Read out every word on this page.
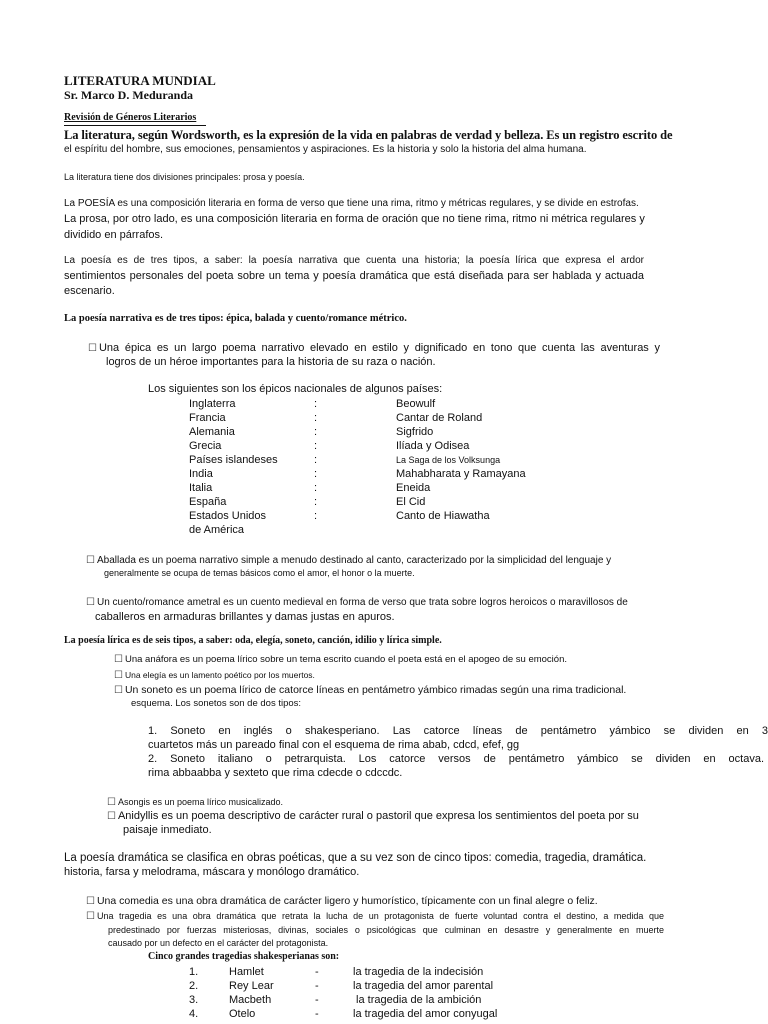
LITERATURA MUNDIAL
Sr. Marco D. Meduranda
Revisión de Géneros Literarios
La literatura, según Wordsworth, es la expresión de la vida en palabras de verdad y belleza. Es un registro escrito de
el espíritu del hombre, sus emociones, pensamientos y aspiraciones. Es la historia y solo la historia del alma humana.
La literatura tiene dos divisiones principales: prosa y poesía.
La POESÍA es una composición literaria en forma de verso que tiene una rima, ritmo y métricas regulares, y se divide en estrofas.
La prosa, por otro lado, es una composición literaria en forma de oración que no tiene rima, ritmo ni métrica regulares y
dividido en párrafos.
La poesía es de tres tipos, a saber: la poesía narrativa que cuenta una historia; la poesía lírica que expresa el ardor
sentimientos personales del poeta sobre un tema y poesía dramática que está diseñada para ser hablada y actuada
escenario.
La poesía narrativa es de tres tipos: épica, balada y cuento/romance métrico.
☐ Una épica es un largo poema narrativo elevado en estilo y dignificado en tono que cuenta las aventuras y
logros de un héroe importantes para la historia de su raza o nación.
Los siguientes son los épicos nacionales de algunos países:
Inglaterra	:	Beowulf
Francia	:	Cantar de Roland
Alemania	:	Sigfrido
Grecia	:	Ilíada y Odisea
Países islandeses	:	La Saga de los Volksunga
India	:	Mahabharata y Ramayana
Italia	:	Eneida
España	:	El Cid
Estados Unidos	:	Canto de Hiawatha
de América		
☐ Aballada es un poema narrativo simple a menudo destinado al canto, caracterizado por la simplicidad del lenguaje y
generalmente se ocupa de temas básicos como el amor, el honor o la muerte.
☐ Un cuento/romance ametral es un cuento medieval en forma de verso que trata sobre logros heroicos o maravillosos de
caballeros en armaduras brillantes y damas justas en apuros.
La poesía lírica es de seis tipos, a saber: oda, elegía, soneto, canción, idilio y lírica simple.
☐ Una anáfora es un poema lírico sobre un tema escrito cuando el poeta está en el apogeo de su emoción.
☐ Una elegía es un lamento poético por los muertos.
☐ Un soneto es un poema lírico de catorce líneas en pentámetro yámbico rimadas según una rima tradicional.
esquema. Los sonetos son de dos tipos:
1. Soneto en inglés o shakesperiano. Las catorce líneas de pentámetro yámbico se dividen en 3
cuartetos más un pareado final con el esquema de rima abab, cdcd, efef, gg
2. Soneto italiano o petrarquista. Los catorce versos de pentámetro yámbico se dividen en octava.
rima abbaabba y sexteto que rima cdecde o cdccdc.
☐ Asongis es un poema lírico musicalizado.
☐ Anidyllis es un poema descriptivo de carácter rural o pastoril que expresa los sentimientos del poeta por su
paisaje inmediato.
La poesía dramática se clasifica en obras poéticas, que a su vez son de cinco tipos: comedia, tragedia, dramática.
historia, farsa y melodrama, máscara y monólogo dramático.
☐ Una comedia es una obra dramática de carácter ligero y humorístico, típicamente con un final alegre o feliz.
☐ Una tragedia es una obra dramática que retrata la lucha de un protagonista de fuerte voluntad contra el destino, a medida que
predestinado por fuerzas misteriosas, divinas, sociales o psicológicas que culminan en desastre y generalmente en muerte
causado por un defecto en el carácter del protagonista.
Cinco grandes tragedias shakesperianas son:
1.	Hamlet	-	la tragedia de la indecisión
2.	Rey Lear	-	la tragedia del amor parental
3.	Macbeth	-	la tragedia de la ambición
4.	Otelo	-	la tragedia del amor conyugal
